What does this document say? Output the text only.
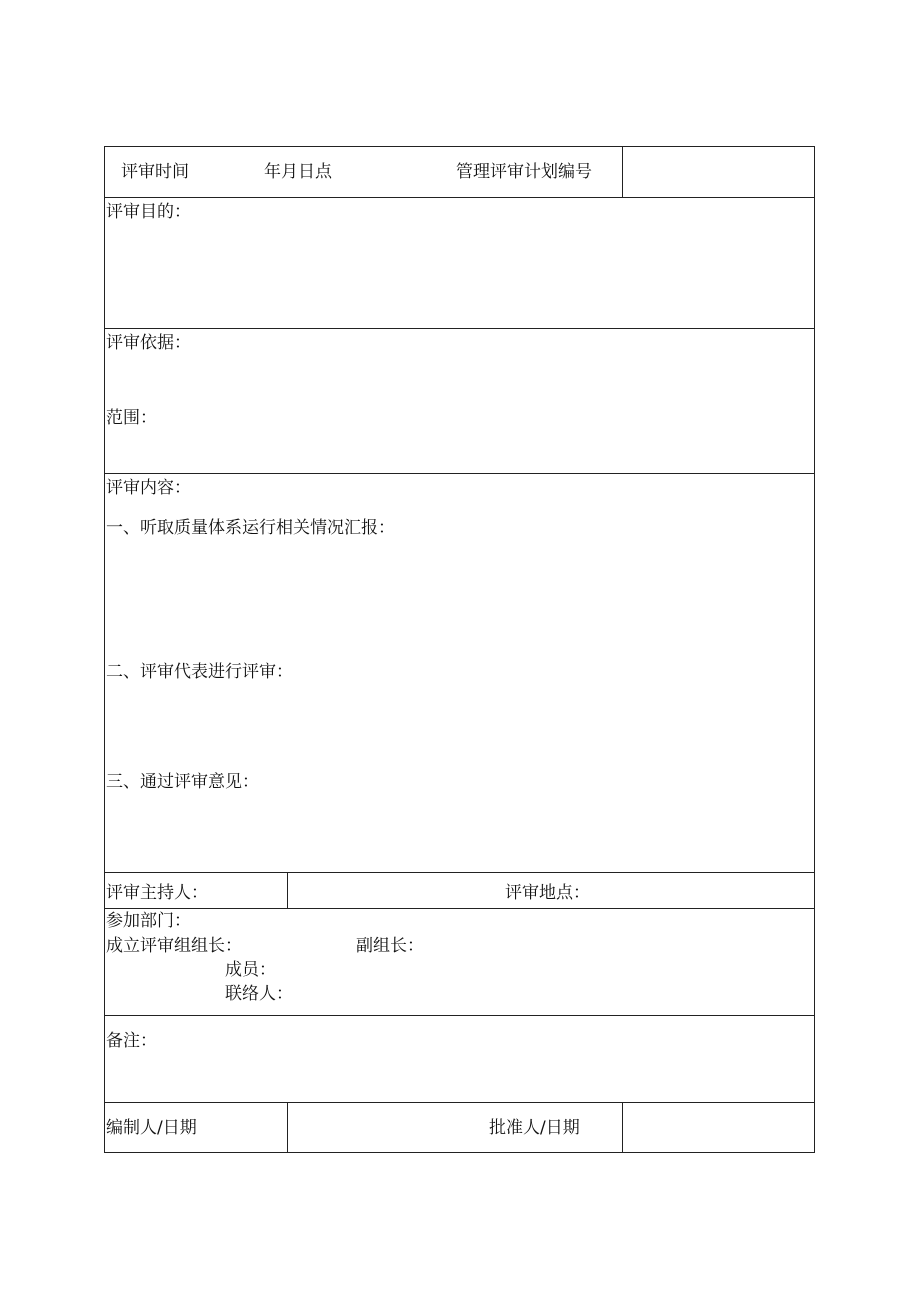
评审时间	年月日点	管理评审计划编号
评审目的：
评审依据：
范围：
评审内容：
一、听取质量体系运行相关情况汇报：
二、评审代表进行评审：
三、通过评审意见：
评审主持人：	评审地点：
参加部门：
成立评审组组长：	副组长：
成员：
联络人：
备注：
编制人/日期	批准人/日期
